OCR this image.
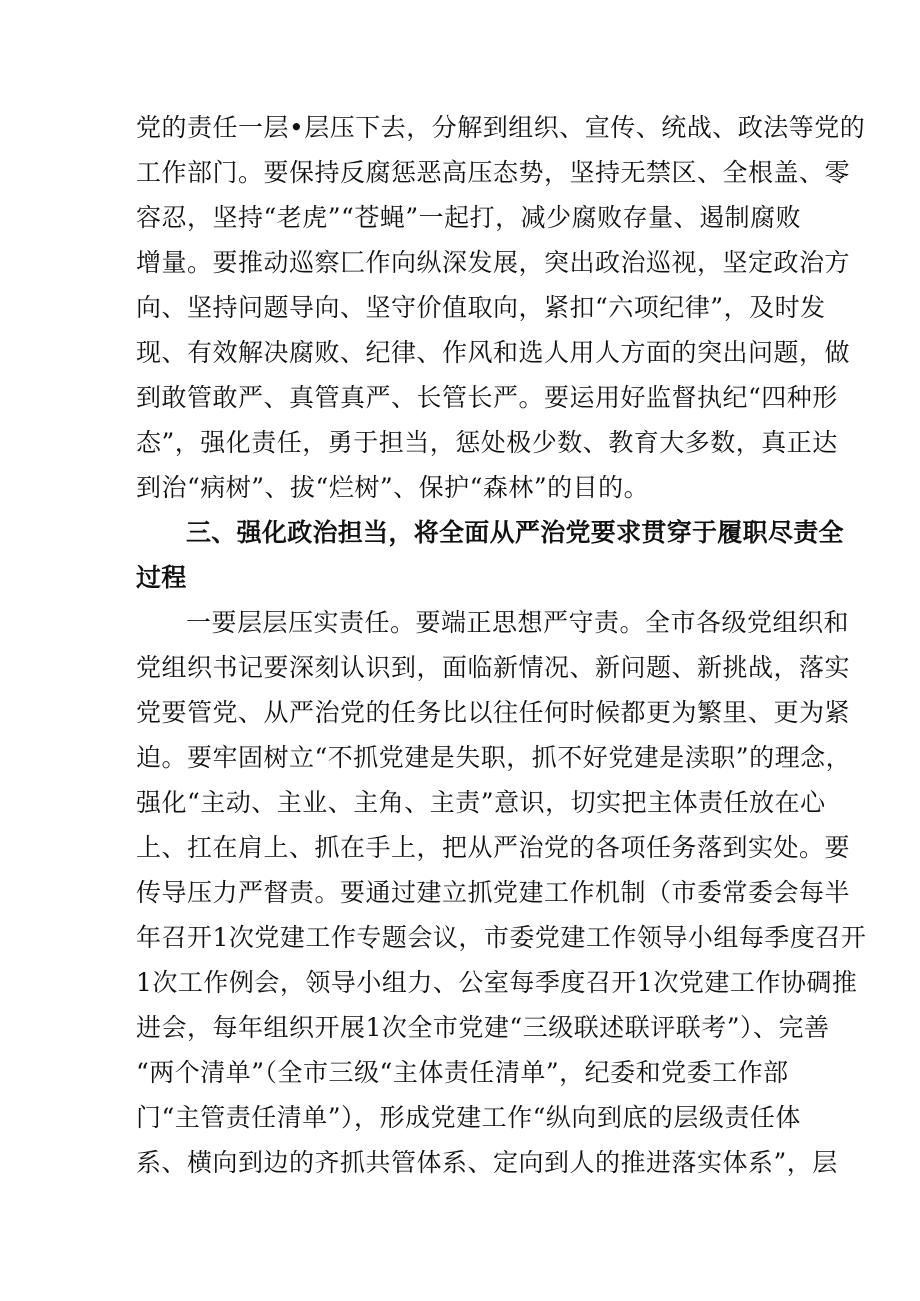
党的责任一层•层压下去，分解到组织、宣传、统战、政法等党的
工作部门。要保持反腐惩恶高压态势，坚持无禁区、全根盖、零
容忍，坚持“老虎”“苍蝇”一起打，减少腐败存量、遏制腐败
增量。要推动巡察匚作向纵深发展，突出政治巡视，坚定政治方
向、坚持问题导向、坚守价值取向，紧扣“六项纪律”，及时发
现、有效解决腐败、纪律、作风和选人用人方面的突出问题，做
到敢管敢严、真管真严、长管长严。要运用好监督执纪“四种形
态”，强化责任，勇于担当，惩处极少数、教育大多数，真正达
到治“病树”、拔“烂树”、保护“森林”的目的。
三、强化政治担当，将全面从严治党要求贯穿于履职尽责全
过程
一要层层压实责任。要端正思想严守责。全市各级党组织和
党组织书记要深刻认识到，面临新情况、新问题、新挑战，落实
党要管党、从严治党的任务比以往任何时候都更为繁里、更为紧
迫。要牢固树立“不抓党建是失职，抓不好党建是渎职”的理念，
强化“主动、主业、主角、主责”意识，切实把主体责任放在心
上、扛在肩上、抓在手上，把从严治党的各项任务落到实处。要
传导压力严督责。要通过建立抓党建工作机制（市委常委会每半
年召开1次党建工作专题会议，市委党建工作领导小组每季度召开
1次工作例会，领导小组力、公室每季度召开1次党建工作协碉推
进会，每年组织开展1次全市党建“三级联述联评联考”）、完善
“两个清单”（全市三级“主体责任清单”，纪委和党委工作部
门“主管责任清单”），形成党建工作“纵向到底的层级责任体
系、横向到边的齐抓共管体系、定向到人的推进落实体系”，层
